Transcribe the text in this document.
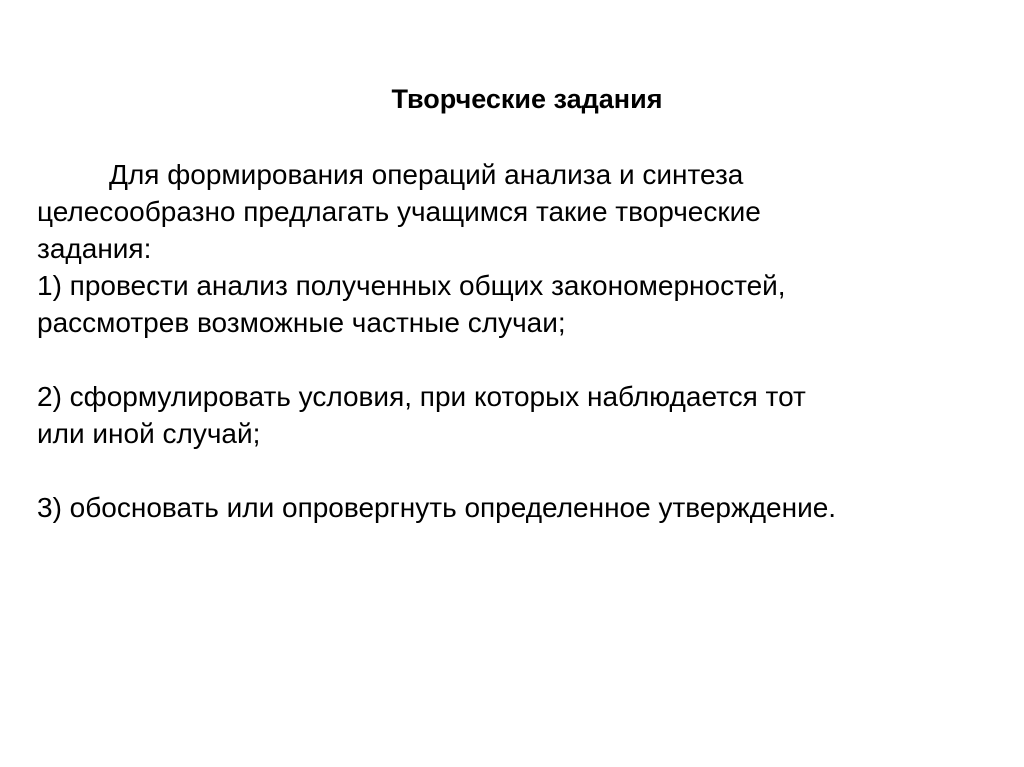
Творческие задания
Для формирования операций анализа и синтеза
целесообразно предлагать учащимся такие творческие
задания:
1) провести анализ полученных общих закономерностей,
рассмотрев возможные частные случаи;
2) сформулировать условия, при которых наблюдается тот
или иной случай;
3) обосновать или опровергнуть определенное утверждение.
